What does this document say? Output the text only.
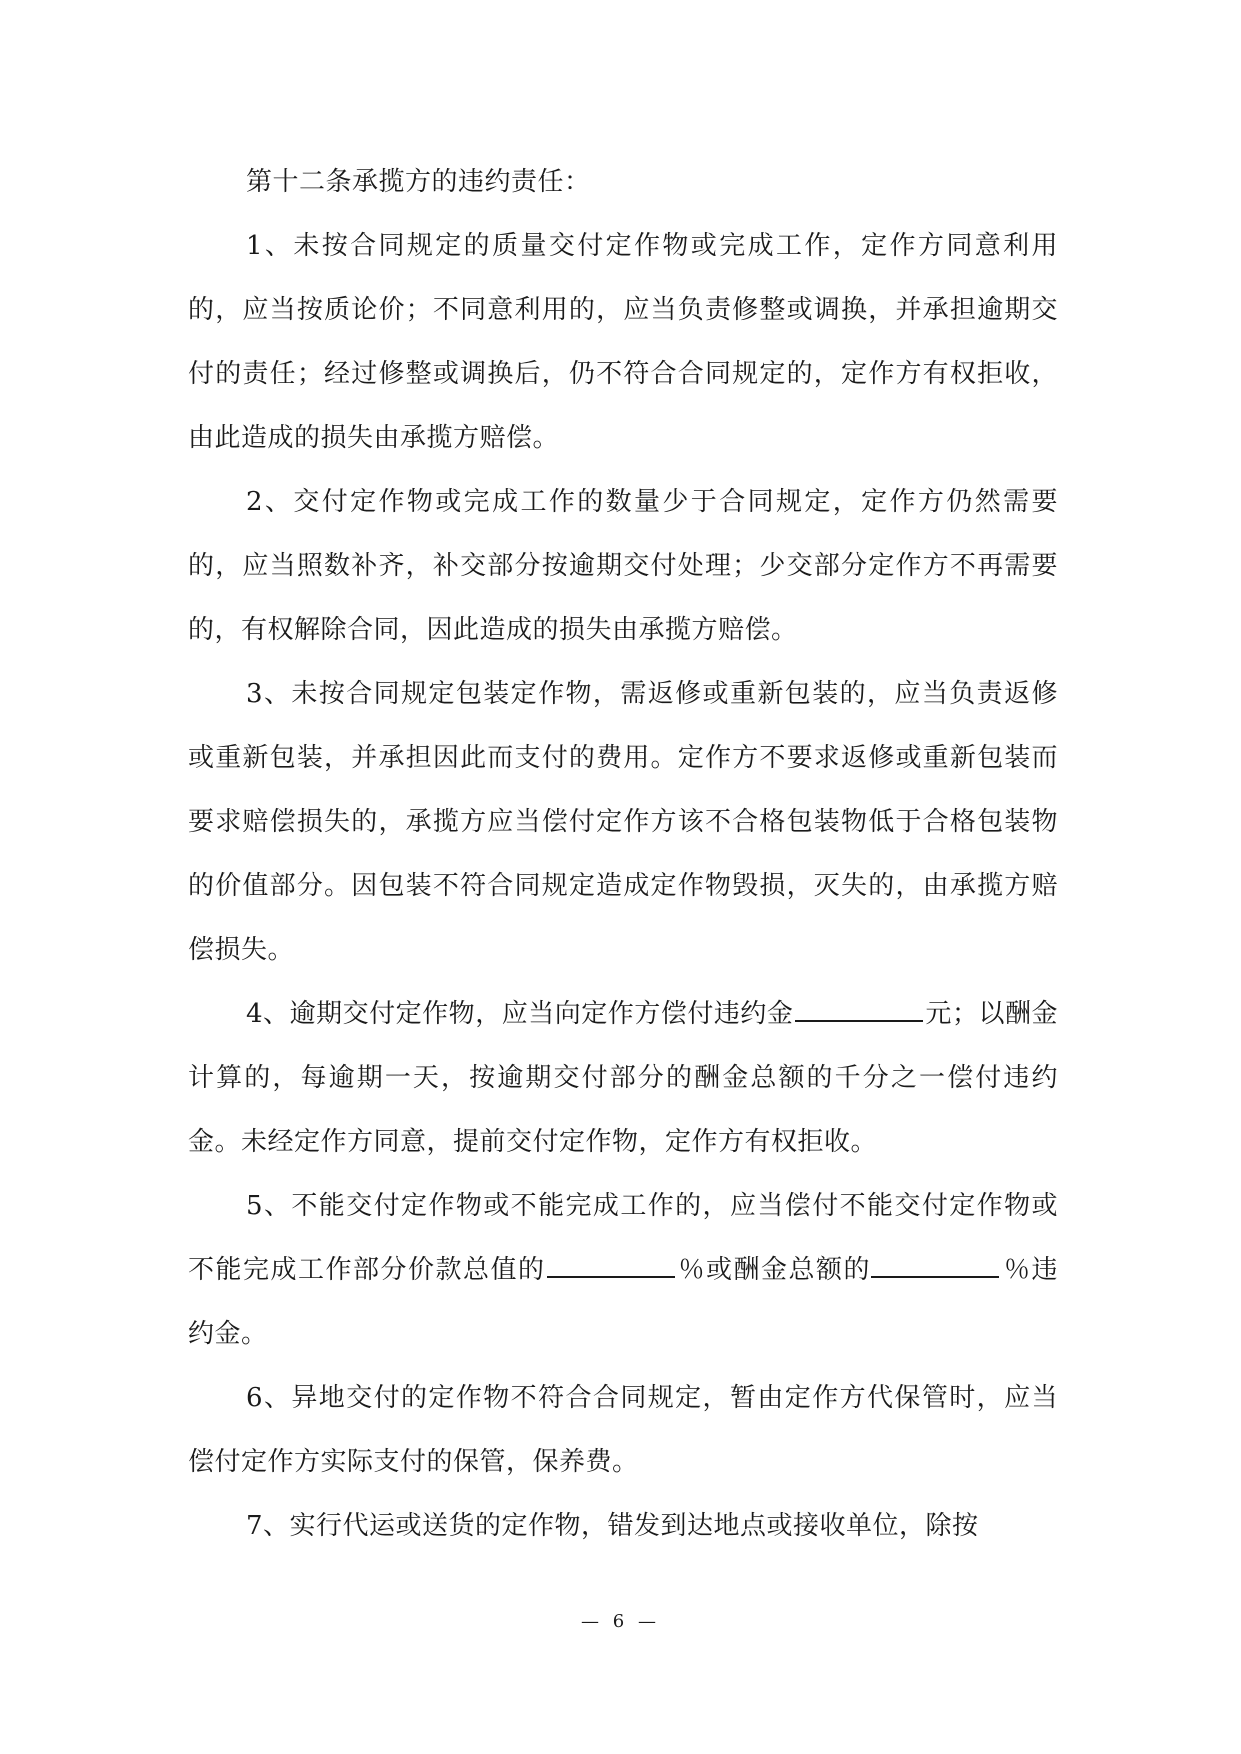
第十二条承揽方的违约责任：

1、未按合同规定的质量交付定作物或完成工作，定作方同意利用的，应当按质论价；不同意利用的，应当负责修整或调换，并承担逾期交付的责任；经过修整或调换后，仍不符合合同规定的，定作方有权拒收，由此造成的损失由承揽方赔偿。

2、交付定作物或完成工作的数量少于合同规定，定作方仍然需要的，应当照数补齐，补交部分按逾期交付处理；少交部分定作方不再需要的，有权解除合同，因此造成的损失由承揽方赔偿。

3、未按合同规定包装定作物，需返修或重新包装的，应当负责返修或重新包装，并承担因此而支付的费用。定作方不要求返修或重新包装而要求赔偿损失的，承揽方应当偿付定作方该不合格包装物低于合格包装物的价值部分。因包装不符合同规定造成定作物毁损，灭失的，由承揽方赔偿损失。

4、逾期交付定作物，应当向定作方偿付违约金	元；以酬金计算的，每逾期一天，按逾期交付部分的酬金总额的千分之一偿付违约金。未经定作方同意，提前交付定作物，定作方有权拒收。

5、不能交付定作物或不能完成工作的，应当偿付不能交付定作物或不能完成工作部分价款总值的	％或酬金总额的	％违约金。

6、异地交付的定作物不符合合同规定，暂由定作方代保管时，应当偿付定作方实际支付的保管，保养费。

7、实行代运或送货的定作物，错发到达地点或接收单位，除按

— 6 —
